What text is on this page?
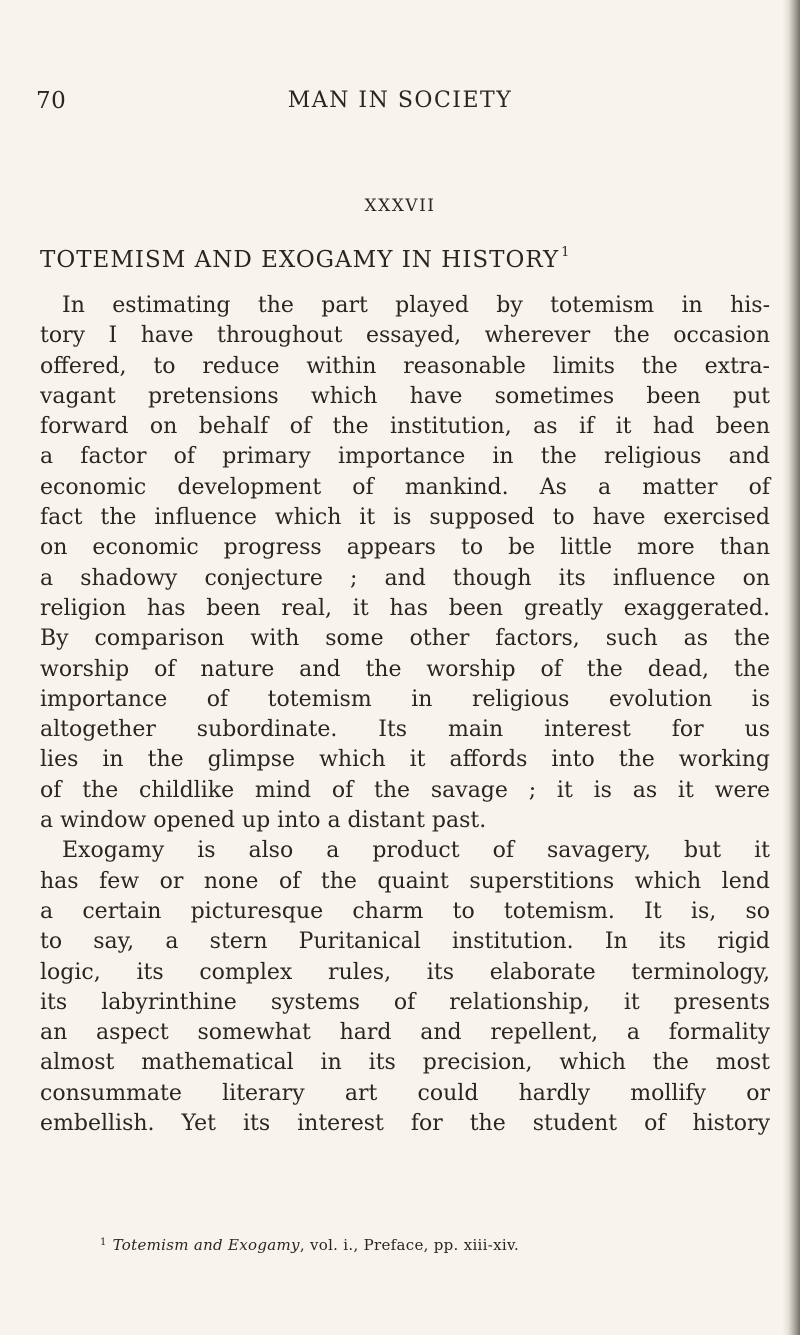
70	MAN IN SOCIETY
XXXVII
TOTEMISM AND EXOGAMY IN HISTORY $^1$
In estimating the part played by totemism in his-
tory I have throughout essayed, wherever the occasion
offered, to reduce within reasonable limits the extra-
vagant pretensions which have sometimes been put
forward on behalf of the institution, as if it had been
a factor of primary importance in the religious and
economic development of mankind. As a matter of
fact the influence which it is supposed to have exercised
on economic progress appears to be little more than
a shadowy conjecture ; and though its influence on
religion has been real, it has been greatly exaggerated.
By comparison with some other factors, such as the
worship of nature and the worship of the dead, the
importance of totemism in religious evolution is
altogether subordinate. Its main interest for us
lies in the glimpse which it affords into the working
of the childlike mind of the savage ; it is as it were
a window opened up into a distant past.
Exogamy is also a product of savagery, but it
has few or none of the quaint superstitions which lend
a certain picturesque charm to totemism. It is, so
to say, a stern Puritanical institution. In its rigid
logic, its complex rules, its elaborate terminology,
its labyrinthine systems of relationship, it presents
an aspect somewhat hard and repellent, a formality
almost mathematical in its precision, which the most
consummate literary art could hardly mollify or
embellish. Yet its interest for the student of history
$^1$ Totemism and Exogamy, vol. i., Preface, pp. xiii-xiv.
